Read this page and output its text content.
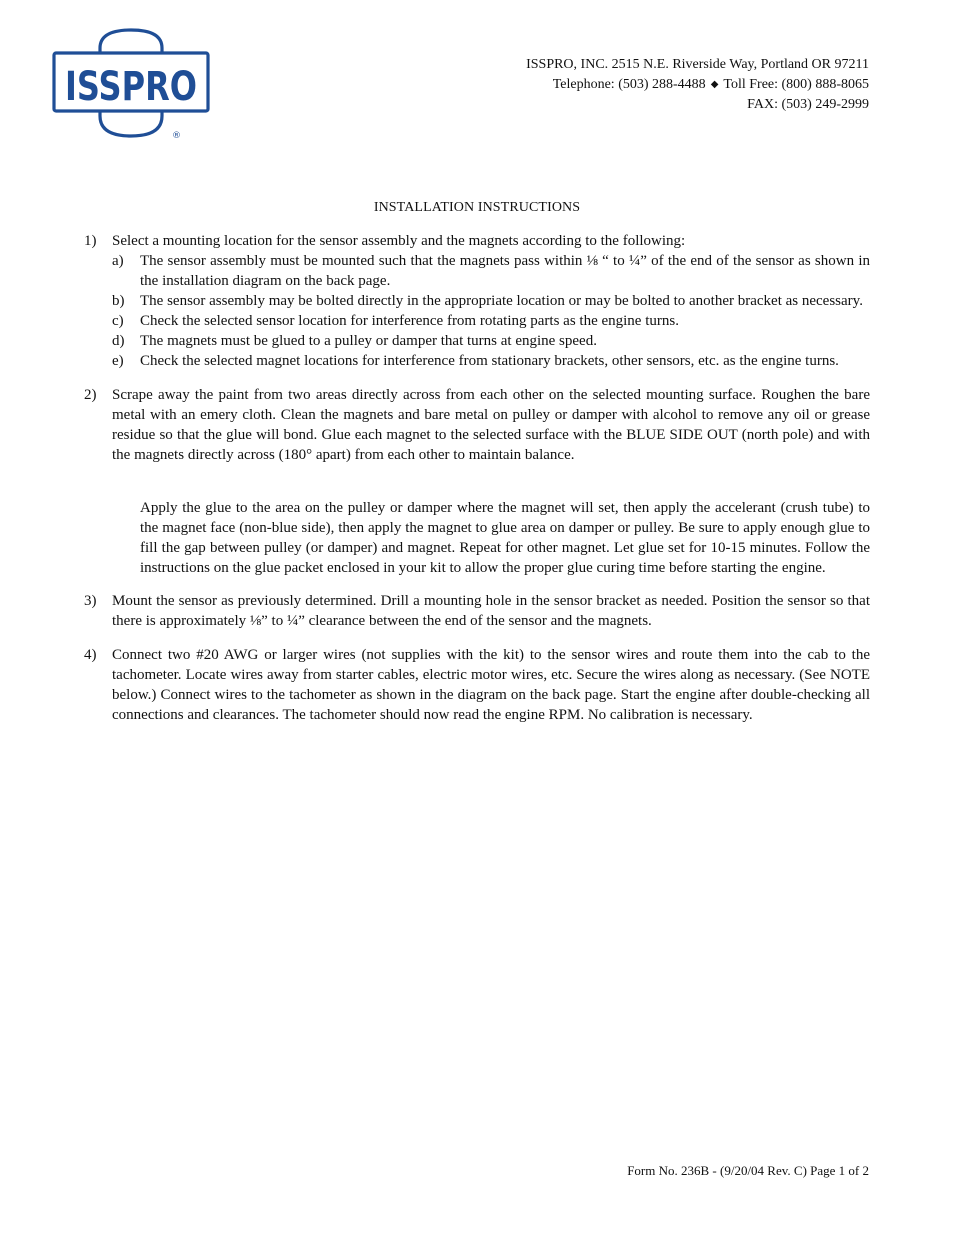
ISSPRO
®
ISSPRO, INC. 2515 N.E. Riverside Way, Portland OR 97211
Telephone: (503) 288-4488 ◆ Toll Free: (800) 888-8065
FAX: (503) 249-2999
INSTALLATION INSTRUCTIONS
1) Select a mounting location for the sensor assembly and the magnets according to the following:
a) The sensor assembly must be mounted such that the magnets pass within ⅛ “ to ¼” of the end of the sensor as shown in the installation diagram on the back page.
b) The sensor assembly may be bolted directly in the appropriate location or may be bolted to another bracket as necessary.
c) Check the selected sensor location for interference from rotating parts as the engine turns.
d) The magnets must be glued to a pulley or damper that turns at engine speed.
e) Check the selected magnet locations for interference from stationary brackets, other sensors, etc. as the engine turns.
2) Scrape away the paint from two areas directly across from each other on the selected mounting surface. Roughen the bare metal with an emery cloth. Clean the magnets and bare metal on pulley or damper with alcohol to remove any oil or grease residue so that the glue will bond. Glue each magnet to the selected surface with the BLUE SIDE OUT (north pole) and with the magnets directly across (180° apart) from each other to maintain balance.
Apply the glue to the area on the pulley or damper where the magnet will set, then apply the accelerant (crush tube) to the magnet face (non-blue side), then apply the magnet to glue area on damper or pulley. Be sure to apply enough glue to fill the gap between pulley (or damper) and magnet. Repeat for other magnet. Let glue set for 10-15 minutes. Follow the instructions on the glue packet enclosed in your kit to allow the proper glue curing time before starting the engine.
3) Mount the sensor as previously determined. Drill a mounting hole in the sensor bracket as needed. Position the sensor so that there is approximately ⅛” to ¼” clearance between the end of the sensor and the magnets.
4) Connect two #20 AWG or larger wires (not supplies with the kit) to the sensor wires and route them into the cab to the tachometer. Locate wires away from starter cables, electric motor wires, etc. Secure the wires along as necessary. (See NOTE below.) Connect wires to the tachometer as shown in the diagram on the back page. Start the engine after double-checking all connections and clearances. The tachometer should now read the engine RPM. No calibration is necessary.
Form No. 236B - (9/20/04 Rev. C) Page 1 of 2
